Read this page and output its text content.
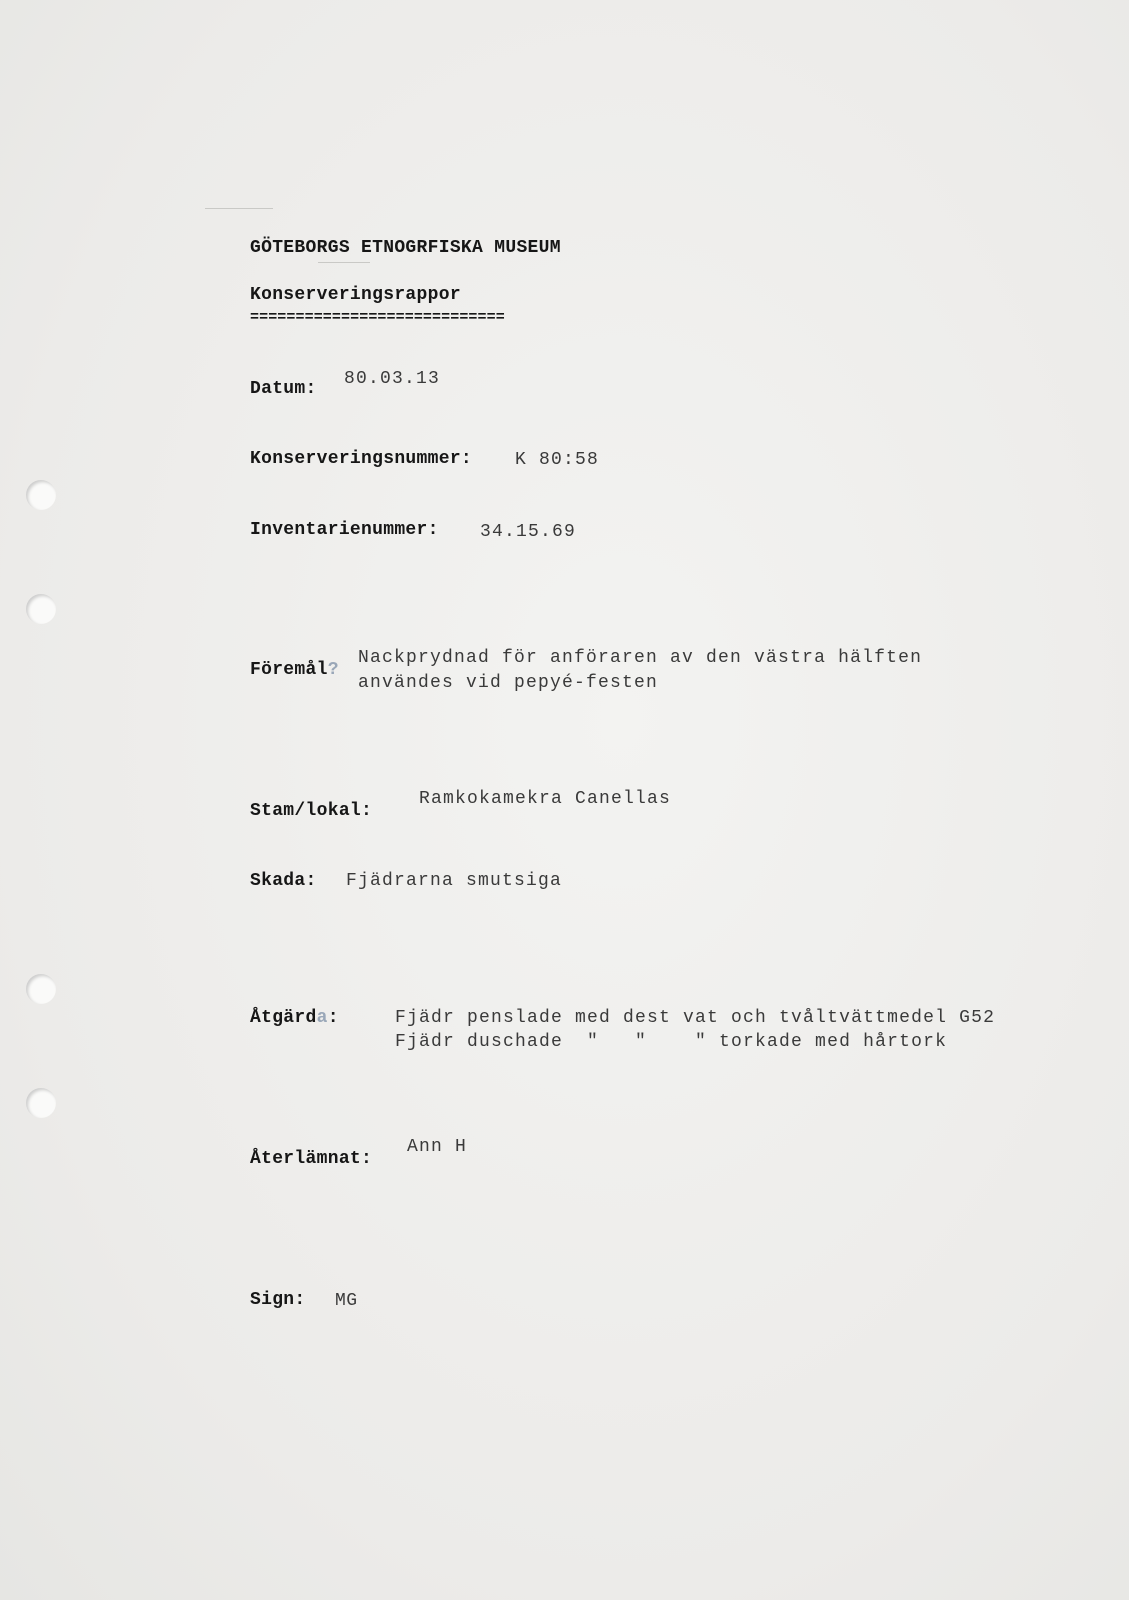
GÖTEBORGS ETNOGRFISKA MUSEUM
Konserveringsrappor
============================
Datum: 80.03.13
Konserveringsnummer: K 80:58
Inventarienummer: 34.15.69
Föremål?
Nackprydnad för anföraren av den västra hälften
användes vid pepyé-festen
Stam/lokal:
Ramkokamekra Canellas
Skada: Fjädrarna smutsiga
Åtgärda:	Fjädr penslade med dest vat och tvåltvättmedel G52
Fjädr duschade  "   "    " torkade med hårtork
Återlämnat:
Ann H
Sign: MG
